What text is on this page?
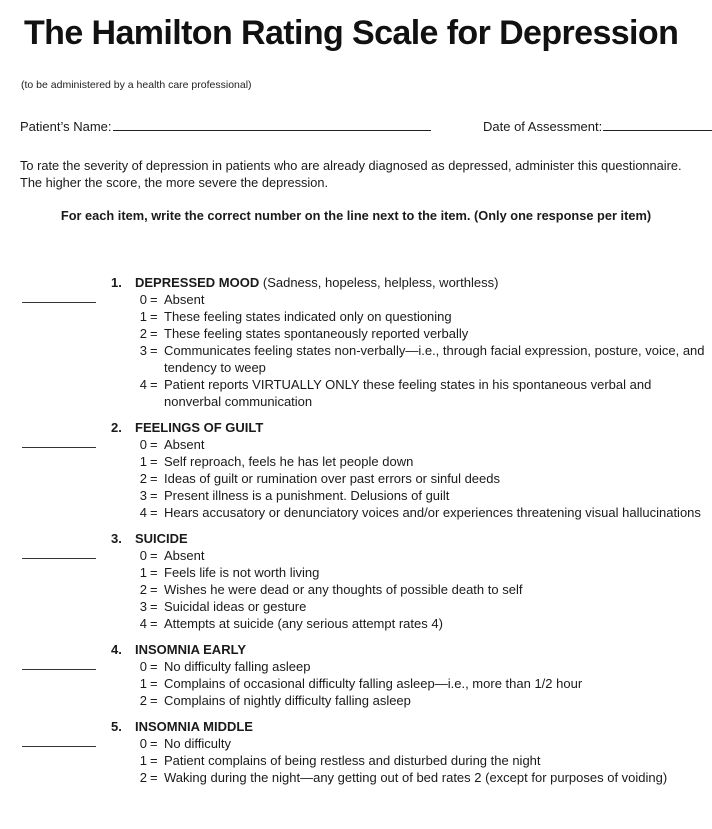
The Hamilton Rating Scale for Depression
(to be administered by a health care professional)
Patient’s Name:	Date of Assessment:
To rate the severity of depression in patients who are already diagnosed as depressed, administer this questionnaire.
The higher the score, the more severe the depression.
For each item, write the correct number on the line next to the item. (Only one response per item)
1. DEPRESSED MOOD (Sadness, hopeless, helpless, worthless)
0 = Absent
1 = These feeling states indicated only on questioning
2 = These feeling states spontaneously reported verbally
3 = Communicates feeling states non-verbally—i.e., through facial expression, posture, voice, and tendency to weep
4 = Patient reports VIRTUALLY ONLY these feeling states in his spontaneous verbal and nonverbal communication
2. FEELINGS OF GUILT
0 = Absent
1 = Self reproach, feels he has let people down
2 = Ideas of guilt or rumination over past errors or sinful deeds
3 = Present illness is a punishment. Delusions of guilt
4 = Hears accusatory or denunciatory voices and/or experiences threatening visual hallucinations
3. SUICIDE
0 = Absent
1 = Feels life is not worth living
2 = Wishes he were dead or any thoughts of possible death to self
3 = Suicidal ideas or gesture
4 = Attempts at suicide (any serious attempt rates 4)
4. INSOMNIA EARLY
0 = No difficulty falling asleep
1 = Complains of occasional difficulty falling asleep—i.e., more than 1/2 hour
2 = Complains of nightly difficulty falling asleep
5. INSOMNIA MIDDLE
0 = No difficulty
1 = Patient complains of being restless and disturbed during the night
2 = Waking during the night—any getting out of bed rates 2 (except for purposes of voiding)
